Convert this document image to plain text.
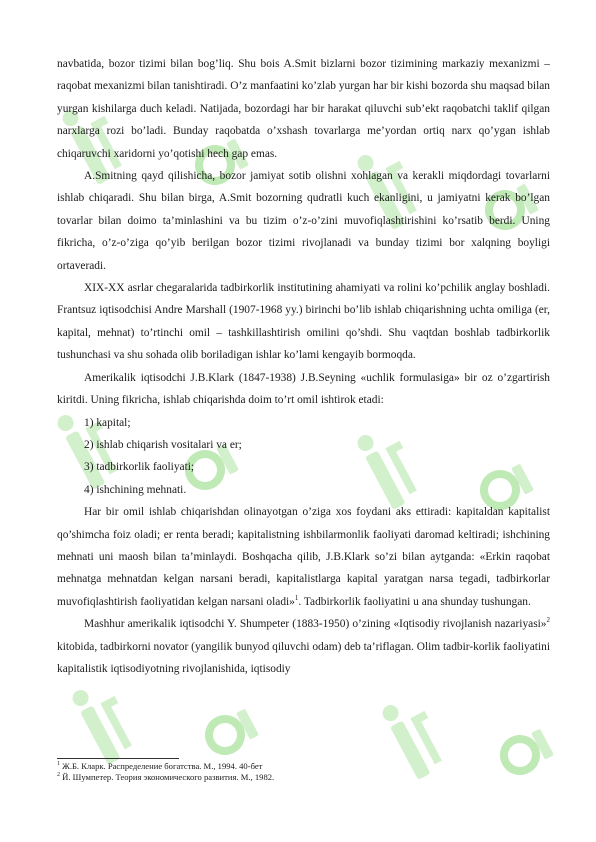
navbatida, bozor tizimi bilan bog’liq. Shu bois A.Smit bizlarni bozor tizimining markaziy mexanizmi – raqobat mexanizmi bilan tanishtiradi. O’z manfaatini ko’zlab yurgan har bir kishi bozorda shu maqsad bilan yurgan kishilarga duch keladi. Natijada, bozordagi har bir harakat qiluvchi sub’ekt raqobatchi taklif qilgan narxlarga rozi bo’ladi. Bunday raqobatda o’xshash tovarlarga me’yordan ortiq narx qo’ygan ishlab chiqaruvchi xaridorni yo’qotishi hech gap emas.

A.Smitning qayd qilishicha, bozor jamiyat sotib olishni xohlagan va kerakli miqdordagi tovarlarni ishlab chiqaradi. Shu bilan birga, A.Smit bozorning qudratli kuch ekanligini, u jamiyatni kerak bo’lgan tovarlar bilan doimo ta’minlashini va bu tizim o’z-o’zini muvofiqlashtirishini ko’rsatib berdi. Uning fikricha, o’z-o’ziga qo’yib berilgan bozor tizimi rivojlanadi va bunday tizimi bor xalqning boyligi ortaveradi.

XIX-XX asrlar chegaralarida tadbirkorlik institutining ahamiyati va rolini ko’pchilik anglay boshladi. Frantsuz iqtisodchisi Andre Marshall (1907-1968 yy.) birinchi bo’lib ishlab chiqarishning uchta omiliga (er, kapital, mehnat) to’rtinchi omil – tashkillashtirish omilini qo’shdi. Shu vaqtdan boshlab tadbirkorlik tushunchasi va shu sohada olib boriladigan ishlar ko’lami kengayib bormoqda.

Amerikalik iqtisodchi J.B.Klark (1847-1938) J.B.Seyning «uchlik formulasiga» bir oz o’zgartirish kiritdi. Uning fikricha, ishlab chiqarishda doim to’rt omil ishtirok etadi:

1) kapital;

2) ishlab chiqarish vositalari va er;

3) tadbirkorlik faoliyati;

4) ishchining mehnati.

Har bir omil ishlab chiqarishdan olinayotgan o’ziga xos foydani aks ettiradi: kapitaldan kapitalist qo’shimcha foiz oladi; er renta beradi; kapitalistning ishbilarmonlik faoliyati daromad keltiradi; ishchining mehnati uni maosh bilan ta’minlaydi. Boshqacha qilib, J.B.Klark so’zi bilan aytganda: «Erkin raqobat mehnatga mehnatdan kelgan narsani beradi, kapitalistlarga kapital yaratgan narsa tegadi, tadbirkorlar muvofiqlashtirish faoliyatidan kelgan narsani oladi»$^1$. Tadbirkorlik faoliyatini u ana shunday tushungan.

Mashhur amerikalik iqtisodchi Y. Shumpeter (1883-1950) o’zining «Iqtisodiy rivojlanish nazariyasi»$^2$ kitobida, tadbirkorni novator (yangilik bunyod qiluvchi odam) deb ta’riflagan. Olim tadbir-korlik faoliyatini kapitalistik iqtisodiyotning rivojlanishida, iqtisodiy

$^1$ Ж.Б. Кларк. Распределение богатства. М., 1994. 40-бет
$^2$ Й. Шумпетер. Теория экономического развития. М., 1982.
